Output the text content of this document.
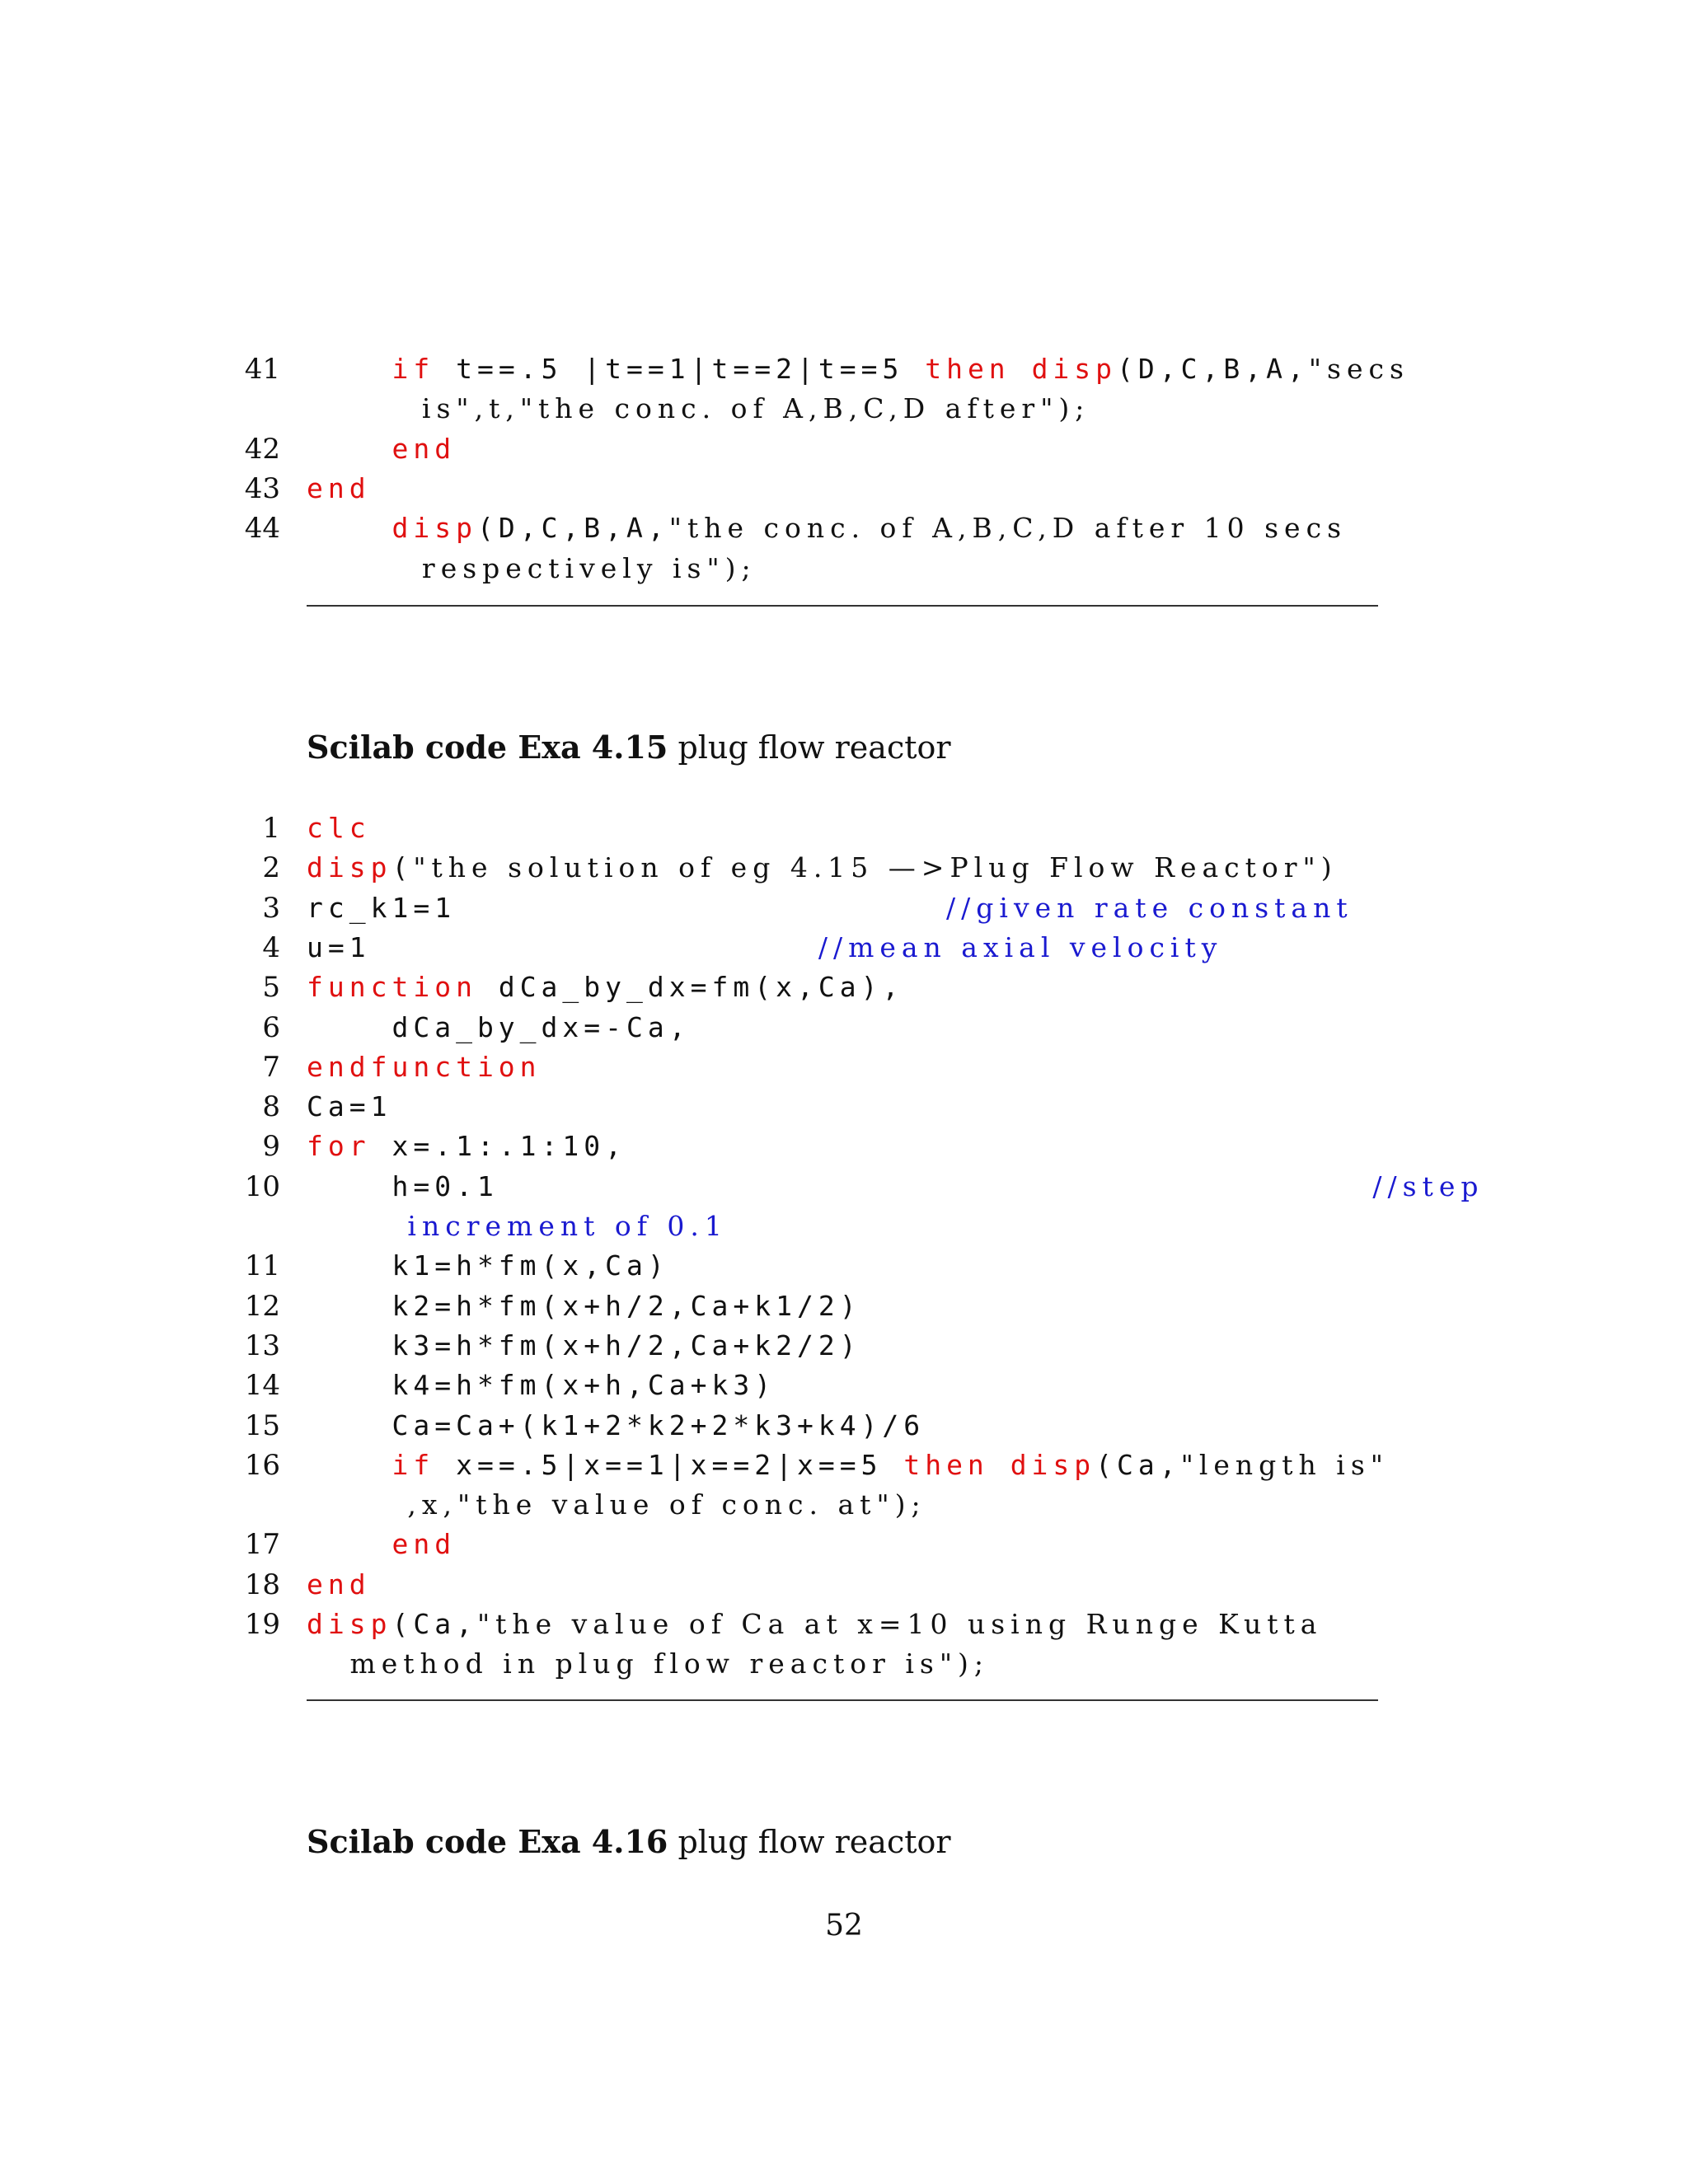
41	if t==.5 |t==1|t==2|t==5 then disp(D,C,B,A,"secs
is",t,"the conc. of A,B,C,D after");
42	end
43 end
44	disp(D,C,B,A,"the conc. of A,B,C,D after 10 secs
respectively is");
Scilab code Exa 4.15 plug flow reactor
1 clc
2 disp("the solution of eg 4.15 —>Plug Flow Reactor")
3 rc_k1=1                       //given rate constant
4 u=1                     //mean axial velocity
5 function dCa_by_dx=fm(x,Ca),
6 dCa_by_dx=-Ca,
7 endfunction
8 Ca=1
9 for x=.1:.1:10,
10 h=0.1                                         //step
increment of 0.1
11 k1=h*fm(x,Ca)
12 k2=h*fm(x+h/2,Ca+k1/2)
13 k3=h*fm(x+h/2,Ca+k2/2)
14 k4=h*fm(x+h,Ca+k3)
15 Ca=Ca+(k1+2*k2+2*k3+k4)/6
16	if x==.5|x==1|x==2|x==5 then disp(Ca,"length is"
,x,"the value of conc. at");
17	end
18 end
19 disp(Ca,"the value of Ca at x=10 using Runge Kutta
method in plug flow reactor is");
Scilab code Exa 4.16 plug flow reactor
52
